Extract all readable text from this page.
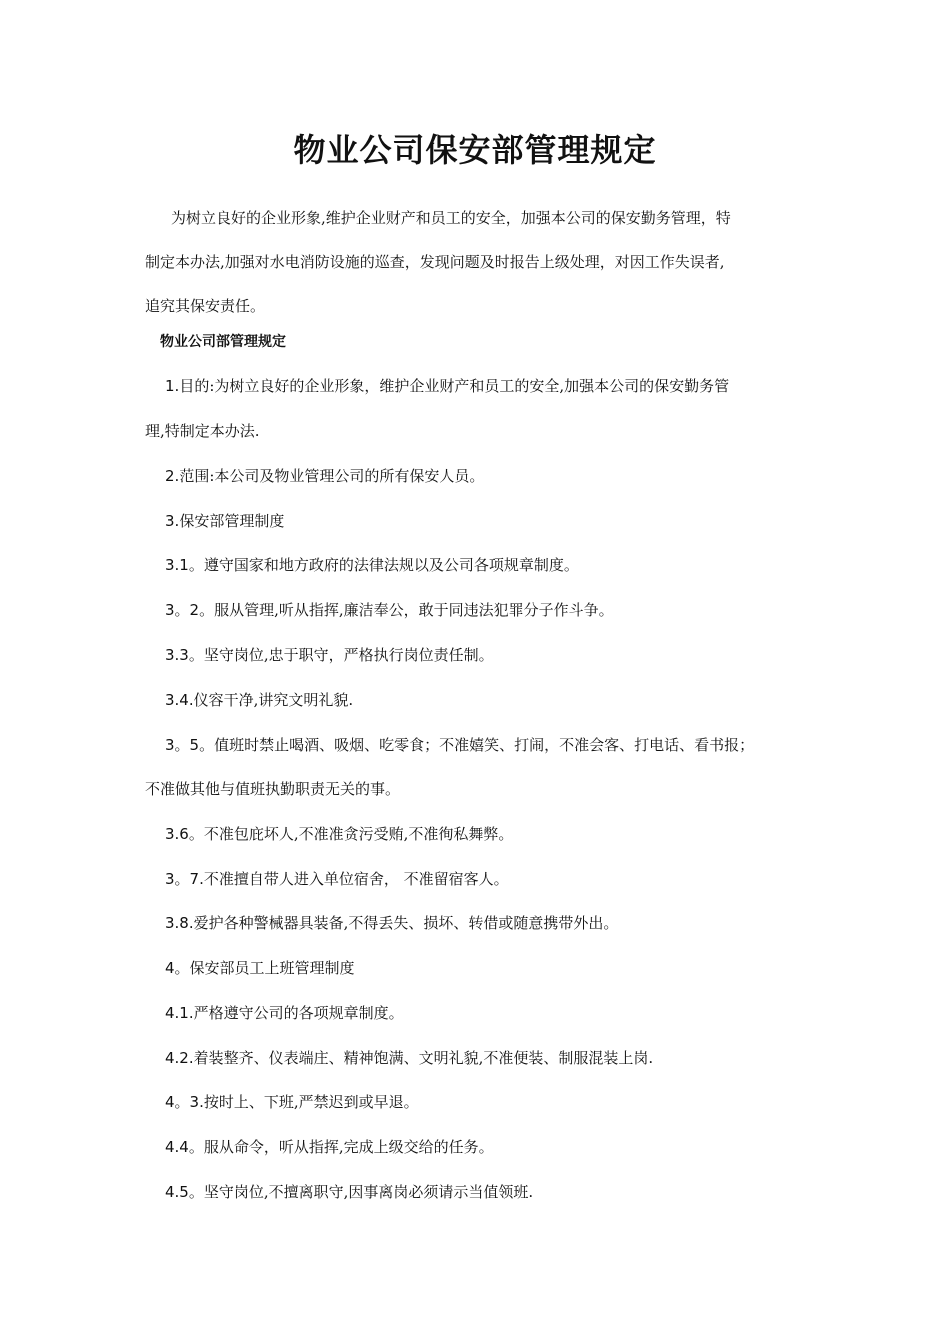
物业公司保安部管理规定

为树立良好的企业形象,维护企业财产和员工的安全，加强本公司的保安勤务管理，特
制定本办法,加强对水电消防设施的巡查，发现问题及时报告上级处理，对因工作失误者,
追究其保安责任。

物业公司部管理规定

1.目的:为树立良好的企业形象，维护企业财产和员工的安全,加强本公司的保安勤务管

理,特制定本办法.

2.范围:本公司及物业管理公司的所有保安人员。

3.保安部管理制度

3.1。遵守国家和地方政府的法律法规以及公司各项规章制度。

3。2。服从管理,听从指挥,廉洁奉公，敢于同违法犯罪分子作斗争。

3.3。坚守岗位,忠于职守，严格执行岗位责任制。

3.4.仪容干净,讲究文明礼貌.

3。5。值班时禁止喝酒、吸烟、吃零食；不准嬉笑、打闹，不准会客、打电话、看书报；

不准做其他与值班执勤职责无关的事。

3.6。不准包庇坏人,不准准贪污受贿,不准徇私舞弊。

3。7.不准擅自带人进入单位宿舍， 不准留宿客人。

3.8.爱护各种警械器具装备,不得丢失、损坏、转借或随意携带外出。

4。保安部员工上班管理制度

4.1.严格遵守公司的各项规章制度。

4.2.着装整齐、仪表端庄、精神饱满、文明礼貌,不准便装、制服混装上岗.

4。3.按时上、下班,严禁迟到或早退。

4.4。服从命令，听从指挥,完成上级交给的任务。

4.5。坚守岗位,不擅离职守,因事离岗必须请示当值领班.
